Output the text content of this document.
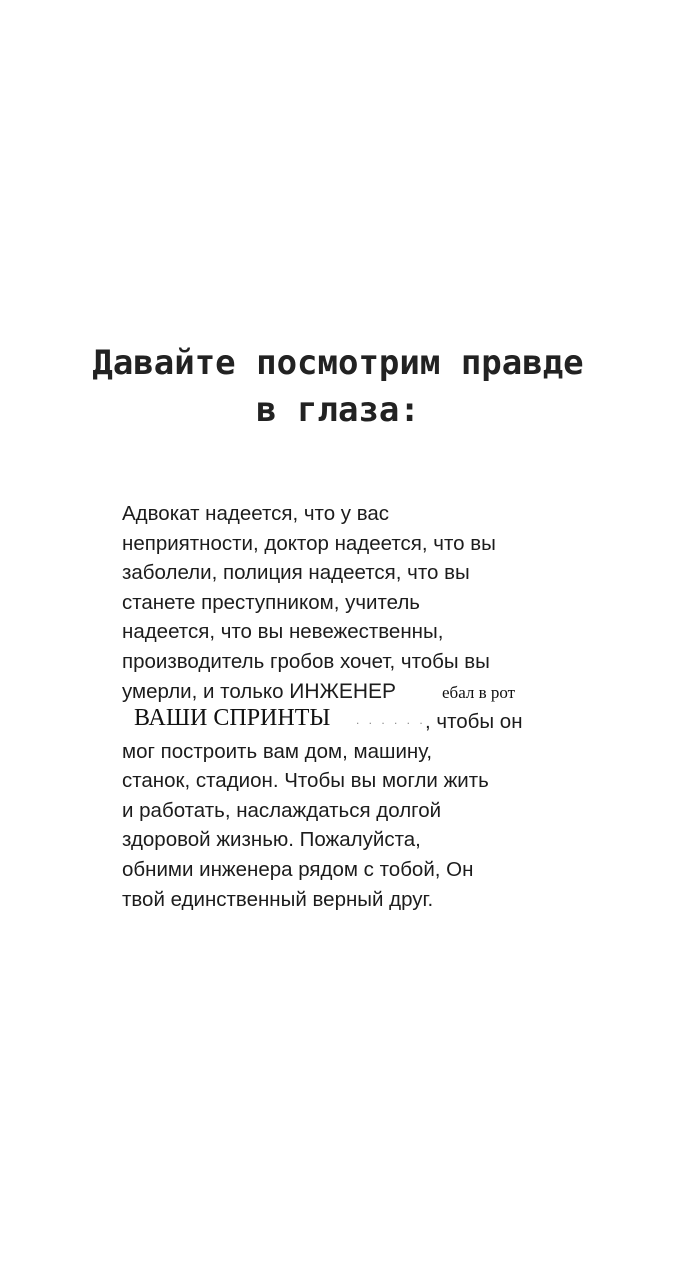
Давайте посмотрим правде
в глаза:
Адвокат надеется, что у вас
неприятности, доктор надеется, что вы
заболели, полиция надеется, что вы
станете преступником, учитель
надеется, что вы невежественны,
производитель гробов хочет, чтобы вы
умерли, и только ИНЖЕНЕР	ебал в рот
ВАШИ СПРИНТЫ . . . . . . , чтобы он
мог построить вам дом, машину,
станок, стадион. Чтобы вы могли жить
и работать, наслаждаться долгой
здоровой жизнью. Пожалуйста,
обними инженера рядом с тобой, Он
твой единственный верный друг.
